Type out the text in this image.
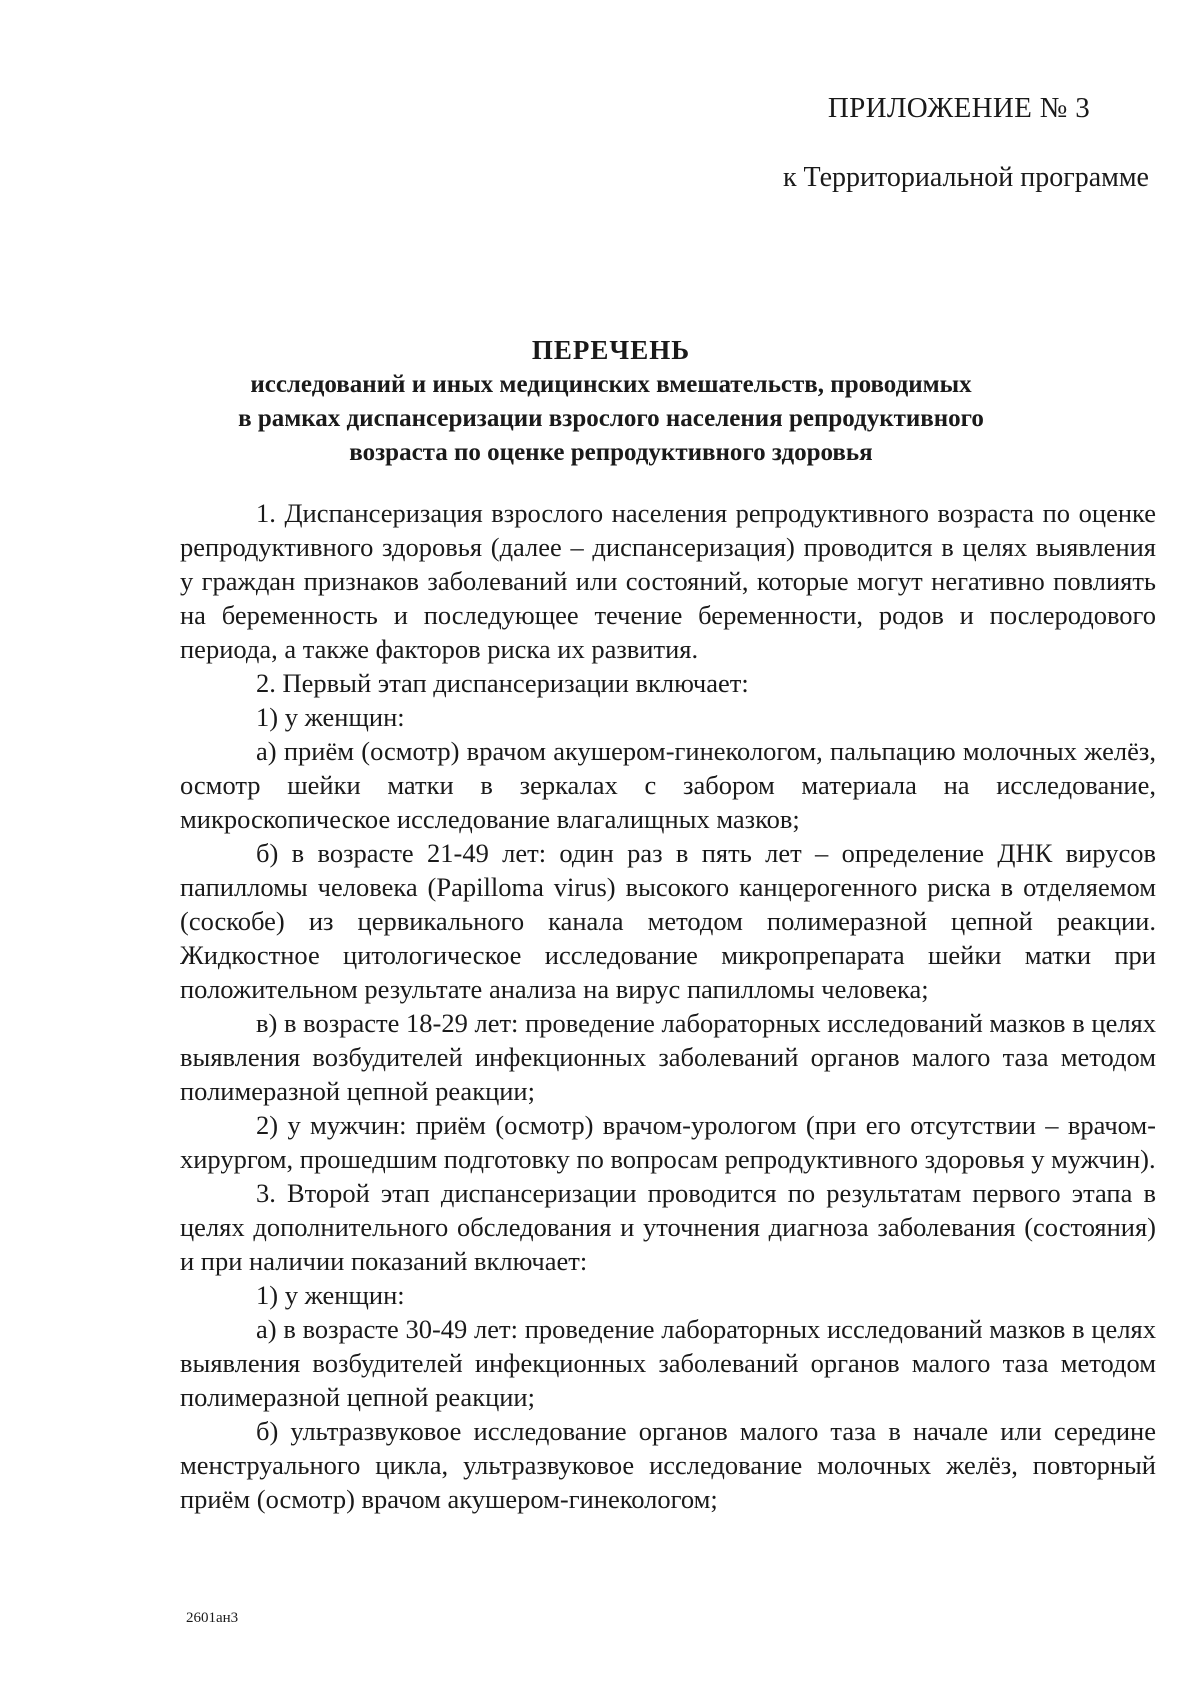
ПРИЛОЖЕНИЕ № 3
к Территориальной программе

ПЕРЕЧЕНЬ

исследований и иных медицинских вмешательств, проводимых

в рамках диспансеризации взрослого населения репродуктивного

возраста по оценке репродуктивного здоровья

1. Диспансеризация взрослого населения репродуктивного возраста по оценке репродуктивного здоровья (далее – диспансеризация) проводится в целях выявления у граждан признаков заболеваний или состояний, которые могут негативно повлиять на беременность и последующее течение беременности, родов и послеродового периода, а также факторов риска их развития.

2. Первый этап диспансеризации включает:

1) у женщин:

а) приём (осмотр) врачом акушером-гинекологом, пальпацию молочных желёз, осмотр шейки матки в зеркалах с забором материала на исследование, микроскопическое исследование влагалищных мазков;

б) в возрасте 21-49 лет: один раз в пять лет – определение ДНК вирусов папилломы человека (Papilloma virus) высокого канцерогенного риска в отделяемом (соскобе) из цервикального канала методом полимеразной цепной реакции. Жидкостное цитологическое исследование микропрепарата шейки матки при положительном результате анализа на вирус папилломы человека;

в) в возрасте 18-29 лет: проведение лабораторных исследований мазков в целях выявления возбудителей инфекционных заболеваний органов малого таза методом полимеразной цепной реакции;

2) у мужчин: приём (осмотр) врачом-урологом (при его отсутствии – врачом-хирургом, прошедшим подготовку по вопросам репродуктивного здоровья у мужчин).

3. Второй этап диспансеризации проводится по результатам первого этапа в целях дополнительного обследования и уточнения диагноза заболевания (состояния) и при наличии показаний включает:

1) у женщин:

а) в возрасте 30-49 лет: проведение лабораторных исследований мазков в целях выявления возбудителей инфекционных заболеваний органов малого таза методом полимеразной цепной реакции;

б) ультразвуковое исследование органов малого таза в начале или середине менструального цикла, ультразвуковое исследование молочных желёз, повторный приём (осмотр) врачом акушером-гинекологом;

2601ан3
